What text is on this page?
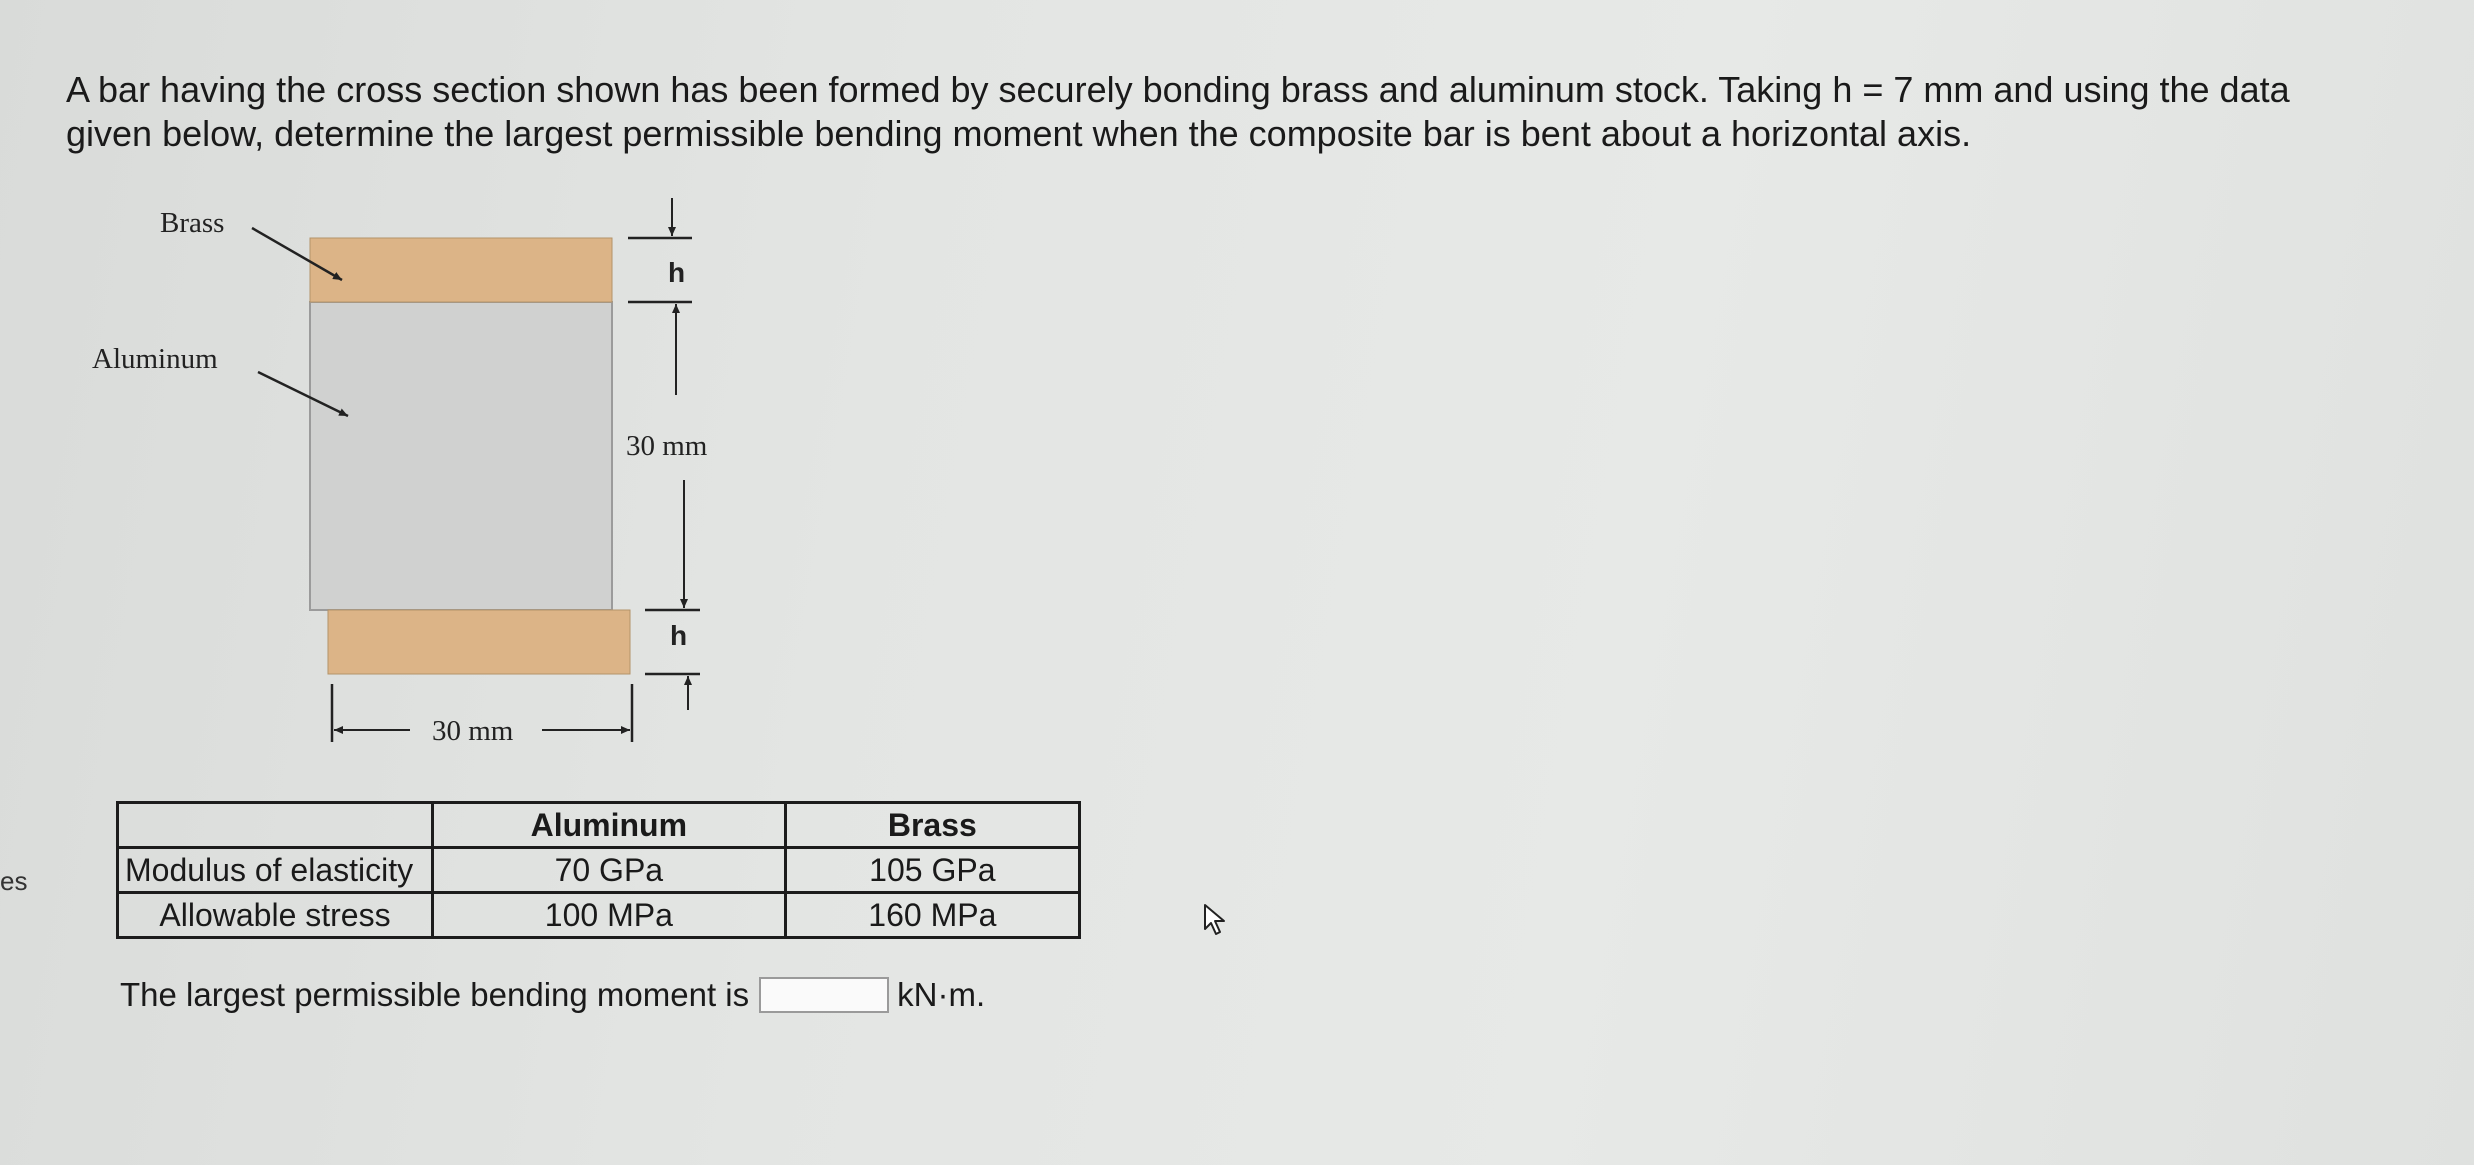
A bar having the cross section shown has been formed by securely bonding brass and aluminum stock. Taking h = 7 mm and using the data given below, determine the largest permissible bending moment when the composite bar is bent about a horizontal axis.

es
Brass
Aluminum
h
30 mm
h
30 mm
	Aluminum	Brass
Modulus of elasticity	70 GPa	105 GPa
Allowable stress	100 MPa	160 MPa
The largest permissible bending moment is	kN·m.
